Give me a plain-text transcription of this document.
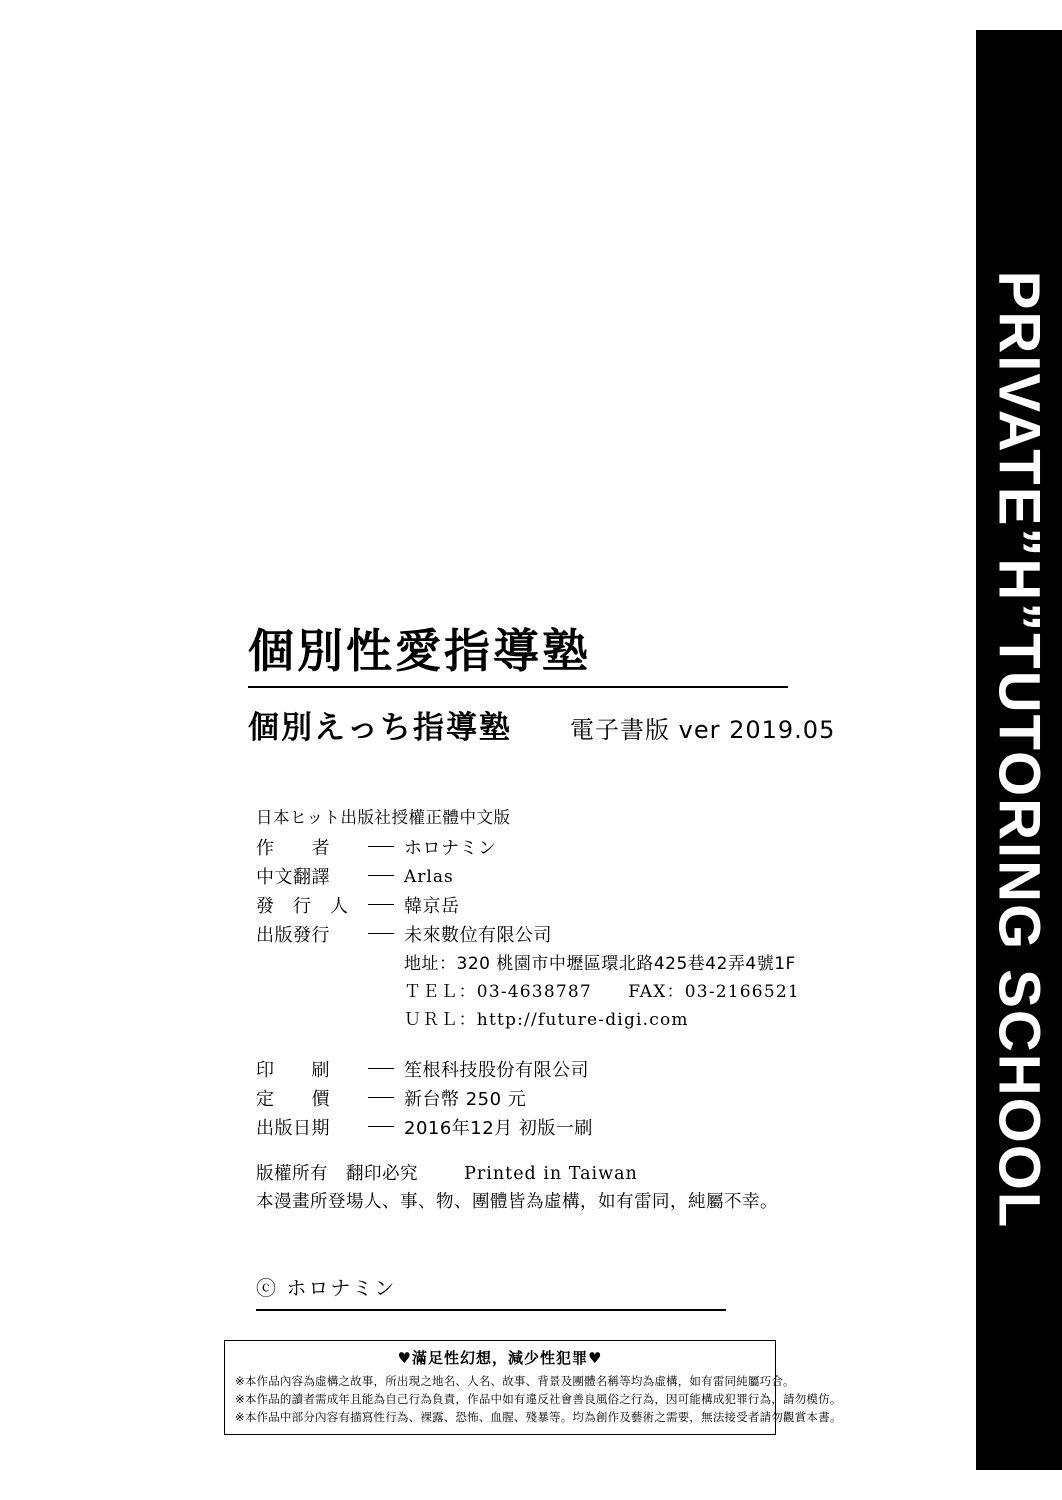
PRIVATE”H”TUTORING SCHOOL
個別性愛指導塾
個別えっち指導塾 電子書版 ver 2019.05
日本ヒット出版社授權正體中文版
作　　者	ホロナミン
中文翻譯	Arlas
發　行　人	韓京岳
出版發行	未來數位有限公司
地址：320 桃園市中壢區環北路425巷42弄4號1F
ＴＥＬ：03-4638787　　FAX：03-2166521
ＵＲＬ：http://future-digi.com
印　　刷	笙根科技股份有限公司
定　　價	新台幣 250 元
出版日期	2016年12月 初版一刷
版權所有　翻印必究	Printed in Taiwan
本漫畫所登場人、事、物、團體皆為虛構，如有雷同，純屬不幸。
ⓒ ホロナミン
♥滿足性幻想，減少性犯罪♥
※本作品內容為虛構之故事，所出現之地名、人名、故事、背景及團體名稱等均為虛構，如有雷同純屬巧合。
※本作品的讀者需成年且能為自己行為負責，作品中如有違反社會善良風俗之行為，因可能構成犯罪行為，請勿模仿。
※本作品中部分內容有描寫性行為、裸露、恐怖、血腥、殘暴等。均為創作及藝術之需要，無法接受者請勿觀賞本書。
